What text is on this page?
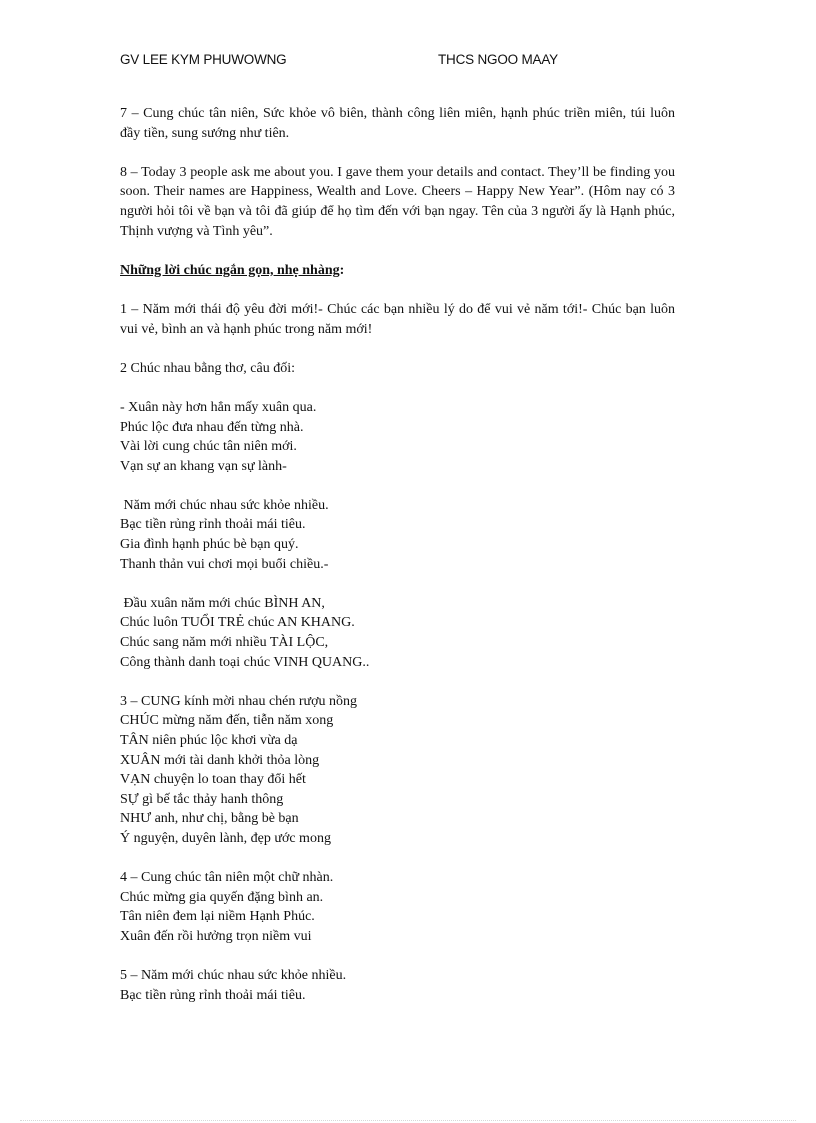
GV LEE KYM PHUWOWNG	THCS NGOO MAAY

7 – Cung chúc tân niên, Sức khỏe vô biên, thành công liên miên, hạnh phúc triền miên, túi luôn đầy tiền, sung sướng như tiên.

8 – Today 3 people ask me about you. I gave them your details and contact. They’ll be finding you soon. Their names are Happiness, Wealth and Love. Cheers – Happy New Year”. (Hôm nay có 3 người hỏi tôi về bạn và tôi đã giúp để họ tìm đến với bạn ngay. Tên của 3 người ấy là Hạnh phúc, Thịnh vượng và Tình yêu”.

Những lời chúc ngắn gọn, nhẹ nhàng:

1 – Năm mới thái độ yêu đời mới!- Chúc các bạn nhiều lý do để vui vẻ năm tới!- Chúc bạn luôn vui vẻ, bình an và hạnh phúc trong năm mới!

2 Chúc nhau bằng thơ, câu đối:

- Xuân này hơn hẳn mấy xuân qua.
Phúc lộc đưa nhau đến từng nhà.
Vài lời cung chúc tân niên mới.
Vạn sự an khang vạn sự lành-
Năm mới chúc nhau sức khỏe nhiều.
Bạc tiền rủng rỉnh thoải mái tiêu.
Gia đình hạnh phúc bè bạn quý.
Thanh thản vui chơi mọi buổi chiều.-
Đầu xuân năm mới chúc BÌNH AN,
Chúc luôn TUỔI TRẺ chúc AN KHANG.
Chúc sang năm mới nhiều TÀI LỘC,
Công thành danh toại chúc VINH QUANG..
3 – CUNG kính mời nhau chén rượu nồng
CHÚC mừng năm đến, tiễn năm xong
TÂN niên phúc lộc khơi vừa dạ
XUÂN mới tài danh khởi thỏa lòng
VẠN chuyện lo toan thay đổi hết
SỰ gì bế tắc thảy hanh thông
NHƯ anh, như chị, bằng bè bạn
Ý nguyện, duyên lành, đẹp ước mong
4 – Cung chúc tân niên một chữ nhàn.
Chúc mừng gia quyến đặng bình an.
Tân niên đem lại niềm Hạnh Phúc.
Xuân đến rồi hưởng trọn niềm vui
5 – Năm mới chúc nhau sức khỏe nhiều.
Bạc tiền rủng rỉnh thoải mái tiêu.
